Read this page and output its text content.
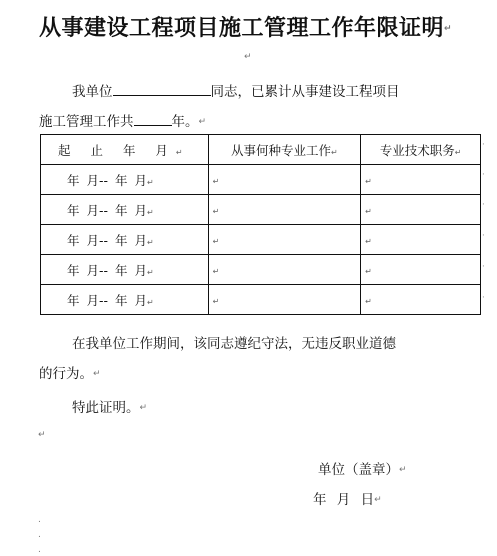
从事建设工程项目施工管理工作年限证明↵
↵
我单位	同志，已累计从事建设工程项目
施工管理工作共	年。↵
起 止 年 月↵	从事何种专业工作↵	专业技术职务↵
年 月-- 年 月↵	↵	↵
年 月-- 年 月↵	↵	↵
年 月-- 年 月↵	↵	↵
年 月-- 年 月↵	↵	↵
年 月-- 年 月↵	↵	↵
·
·
·
·
·
·
在我单位工作期间，该同志遵纪守法，无违反职业道德
的行为。↵
特此证明。↵
↵
单位（盖章）↵
年 月 日↵
.
.
.
